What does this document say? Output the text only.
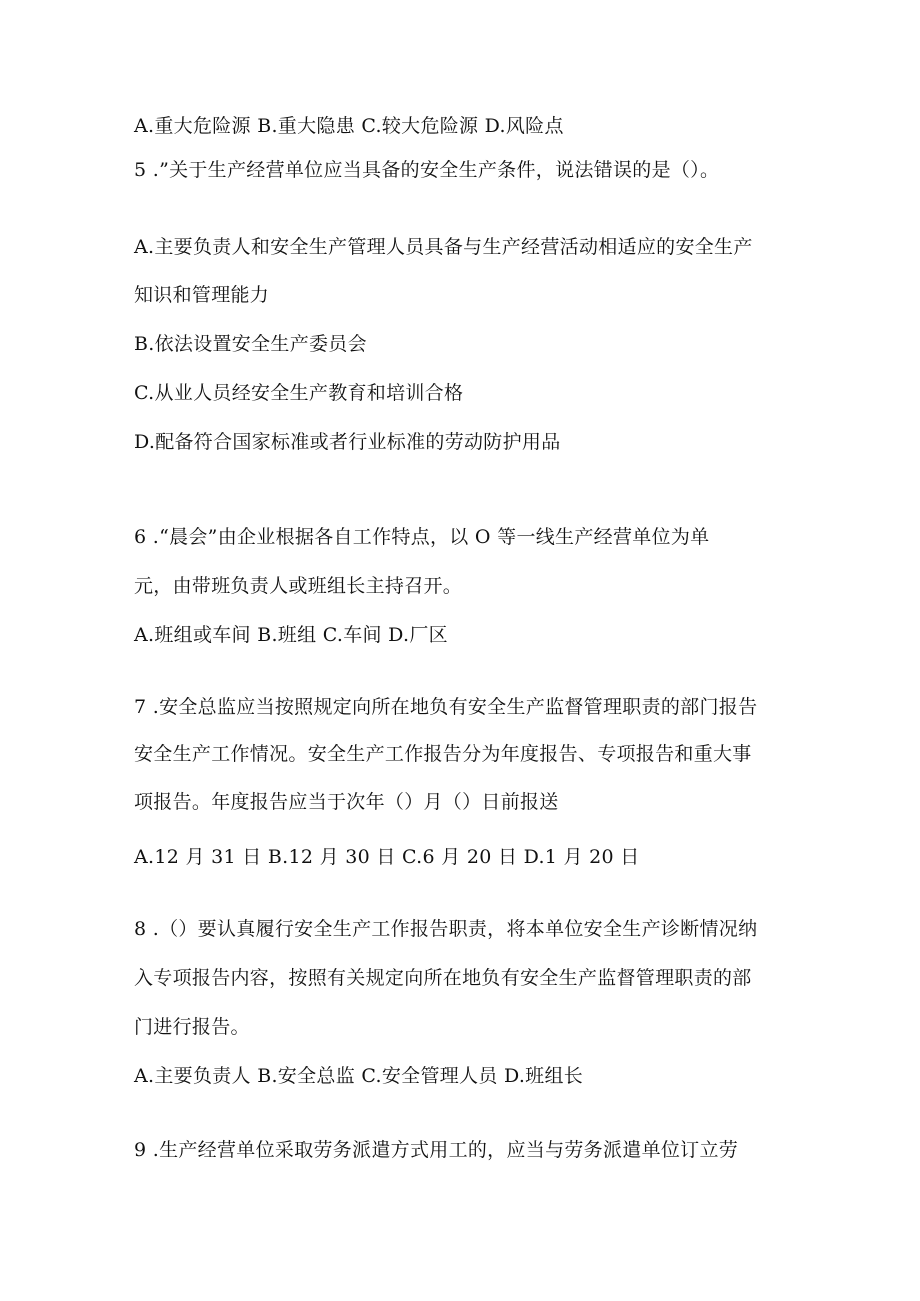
A.重大危险源 B.重大隐患 C.较大危险源 D.风险点
5 .”关于生产经营单位应当具备的安全生产条件，说法错误的是（）。
A.主要负责人和安全生产管理人员具备与生产经营活动相适应的安全生产
知识和管理能力
B.依法设置安全生产委员会
C.从业人员经安全生产教育和培训合格
D.配备符合国家标准或者行业标准的劳动防护用品
6 .“晨会”由企业根据各自工作特点，以 O 等一线生产经营单位为单
元，由带班负责人或班组长主持召开。
A.班组或车间 B.班组 C.车间 D.厂区
7 .安全总监应当按照规定向所在地负有安全生产监督管理职责的部门报告
安全生产工作情况。安全生产工作报告分为年度报告、专项报告和重大事
项报告。年度报告应当于次年（）月（）日前报送
A.12 月 31 日 B.12 月 30 日 C.6 月 20 日 D.1 月 20 日
8 .（）要认真履行安全生产工作报告职责，将本单位安全生产诊断情况纳
入专项报告内容，按照有关规定向所在地负有安全生产监督管理职责的部
门进行报告。
A.主要负责人 B.安全总监 C.安全管理人员 D.班组长
9 .生产经营单位采取劳务派遣方式用工的，应当与劳务派遣单位订立劳
